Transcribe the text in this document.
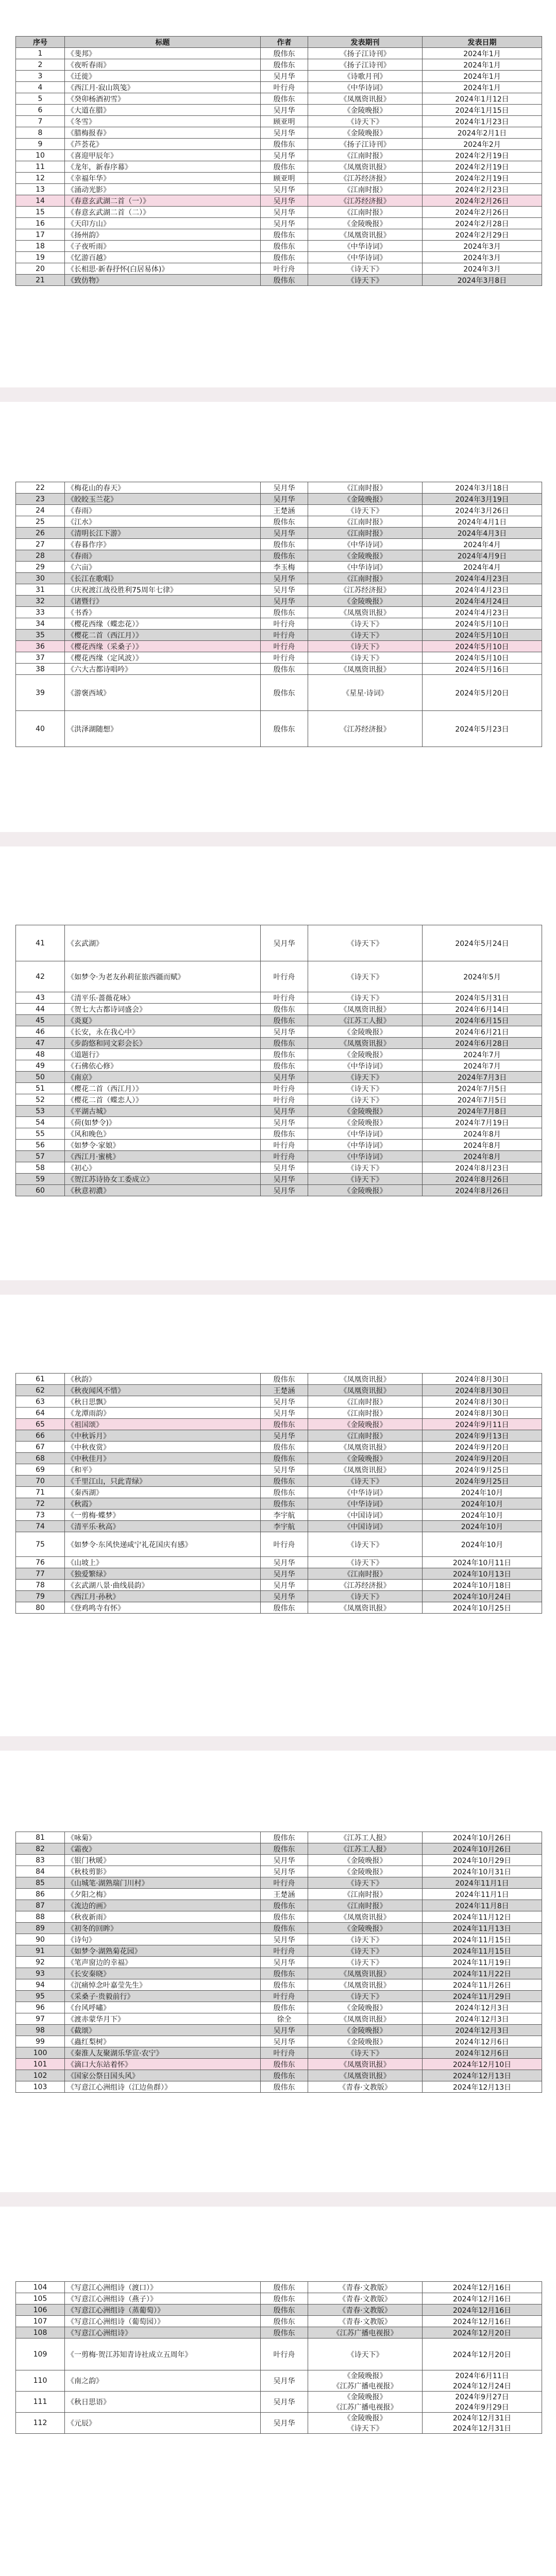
序号	标题	作者	发表期刊	发表日期
1	《斐邦》	殷伟东	《扬子江诗刊》	2024年1月
2	《夜听春雨》	殷伟东	《扬子江诗刊》	2024年1月
3	《迁徙》	吴月华	《诗歌月刊》	2024年1月
4	《西江月·寂山筑笺》	叶行舟	《中华诗词》	2024年1月
5	《癸卯杨酒初雪》	殷伟东	《凤凰资讯报》	2024年1月12日
6	《大道在腊》	吴月华	《金陵晚报》	2024年1月15日
7	《冬雪》	顾亚明	《诗天下》	2024年1月23日
8	《腊梅报春》	吴月华	《金陵晚报》	2024年2月1日
9	《芦荟花》	殷伟东	《扬子江诗刊》	2024年2月
10	《喜迎甲辰年》	吴月华	《江南时报》	2024年2月19日
11	《龙年，新春序幕》	殷伟东	《凤凰资讯报》	2024年2月19日
12	《幸福年华》	顾亚明	《江苏经济报》	2024年2月19日
13	《涌动光影》	吴月华	《江南时报》	2024年2月23日
14	《春意玄武湖二首（一）》	吴月华	《江苏经济报》	2024年2月26日
15	《春意玄武湖二首（二）》	吴月华	《江南时报》	2024年2月26日
16	《天印方山》	吴月华	《金陵晚报》	2024年2月28日
17	《扬州韵》	殷伟东	《凤凰资讯报》	2024年2月29日
18	《子夜听雨》	殷伟东	《中华诗词》	2024年3月
19	《忆游百越》	殷伟东	《中华诗词》	2024年3月
20	《长相思·新春抒怀(白居易体)》	叶行舟	《诗天下》	2024年3月
21	《致仿物》	殷伟东	《诗天下》	2024年3月8日
22	《梅花山的春天》	吴月华	《江南时报》	2024年3月18日
23	《皎皎玉兰花》	吴月华	《金陵晚报》	2024年3月19日
24	《春雨》	王楚涵	《诗天下》	2024年3月26日
25	《江水》	殷伟东	《江南时报》	2024年4月1日
26	《清明长江下游》	吴月华	《江南时报》	2024年4月3日
27	《春暮作序》	殷伟东	《中华诗词》	2024年4月
28	《春雨》	殷伟东	《金陵晚报》	2024年4月9日
29	《六亩》	李玉梅	《中华诗词》	2024年4月
30	《长江在歌唱》	吴月华	《江南时报》	2024年4月23日
31	《庆祝渡江战役胜利75周年七律》	吴月华	《江苏经济报》	2024年4月23日
32	《诸暨行》	吴月华	《金陵晚报》	2024年4月24日
33	《书香》	殷伟东	《凤凰资讯报》	2024年4月23日
34	《樱花西缘（蝶恋花）》	叶行舟	《诗天下》	2024年5月10日
35	《樱花二首（西江月）》	叶行舟	《诗天下》	2024年5月10日
36	《樱花西缘（采桑子）》	叶行舟	《诗天下》	2024年5月10日
37	《樱花西缘（定风波）》	叶行舟	《诗天下》	2024年5月10日
38	《六大古都诗唱吟》	殷伟东	《凤凰资讯报》	2024年5月16日
39	《游褒西域》	殷伟东	《星星·诗词》	2024年5月20日
40	《洪泽湖随想》	殷伟东	《江苏经济报》	2024年5月23日
41	《玄武湖》	吴月华	《诗天下》	2024年5月24日
42	《如梦令·为老友孙莉征旅西疆而赋》	叶行舟	《诗天下》	2024年5月
43	《清平乐·蔷薇花咏》	叶行舟	《诗天下》	2024年5月31日
44	《贺七大古都诗词盛会》	殷伟东	《凤凰资讯报》	2024年6月14日
45	《炎夏》	殷伟东	《江苏工人报》	2024年6月15日
46	《长安，永在我心中》	吴月华	《金陵晚报》	2024年6月21日
47	《步韵悠和同文彩会长》	殷伟东	《凤凰资讯报》	2024年6月28日
48	《道题行》	殷伟东	《金陵晚报》	2024年7月
49	《石佛依心修》	殷伟东	《中华诗词》	2024年7月
50	《南京》	吴月华	《诗天下》	2024年7月3日
51	《樱花二首（西江月）》	叶行舟	《诗天下》	2024年7月5日
52	《樱花二首（蝶恋人）》	叶行舟	《诗天下》	2024年7月5日
53	《平湖古城》	吴月华	《金陵晚报》	2024年7月8日
54	《荷(如梦令)》	吴月华	《金陵晚报》	2024年7月19日
55	《风和晚色》	殷伟东	《中华诗词》	2024年8月
56	《如梦令·家娘》	叶行舟	《中华诗词》	2024年8月
57	《西江月·蜜桃》	叶行舟	《中华诗词》	2024年8月
58	《初心》	吴月华	《诗天下》	2024年8月23日
59	《贺江苏诗协女工委成立》	吴月华	《诗天下》	2024年8月26日
60	《秋意初濃》	吴月华	《金陵晚报》	2024年8月26日
61	《秋韵》	殷伟东	《凤凰资讯报》	2024年8月30日
62	《秋夜闻风不惜》	王楚涵	《凤凰资讯报》	2024年8月30日
63	《秋日思飘》	吴月华	《江南时报》	2024年8月30日
64	《龙潭雨韵》	吴月华	《江南时报》	2024年8月30日
65	《祖国颂》	殷伟东	《金陵晚报》	2024年9月11日
66	《中秋诉月》	吴月华	《江南时报》	2024年9月13日
67	《中秋夜赏》	殷伟东	《凤凰资讯报》	2024年9月20日
68	《中秋佳月》	殷伟东	《金陵晚报》	2024年9月20日
69	《和平》	吴月华	《凤凰资讯报》	2024年9月25日
70	《千里江山，只此青绿》	殷伟东	《诗天下》	2024年9月25日
71	《秦西湖》	殷伟东	《中华诗词》	2024年10月
72	《秋霞》	殷伟东	《中华诗词》	2024年10月
73	《一剪梅·蝶梦》	李宇航	《中国诗词》	2024年10月
74	《清平乐·秋高》	李宇航	《中国诗词》	2024年10月
75	《如梦令·东风快递咸宁礼花国庆有感》	叶行舟	《诗天下》	2024年10月
76	《山坡上》	吴月华	《诗天下》	2024年10月11日
77	《独爱繁绿》	吴月华	《江南时报》	2024年10月13日
78	《玄武湖八景·曲线晨韵》	吴月华	《江苏经济报》	2024年10月18日
79	《西江月·孙秋》	吴月华	《诗天下》	2024年10月24日
80	《登鸡鸣寺有怀》	殷伟东	《凤凰资讯报》	2024年10月25日
81	《咏菊》	殷伟东	《江苏工人报》	2024年10月26日
82	《霜夜》	殷伟东	《江苏工人报》	2024年10月26日
83	《银门秋暖》	吴月华	《金陵晚报》	2024年10月29日
84	《秋枝剪影》	吴月华	《金陵晚报》	2024年10月31日
85	《山城笔·湖熟瑞门川村》	叶行舟	《诗天下》	2024年11月1日
86	《夕阳之梅》	王楚涵	《江南时报》	2024年11月1日
87	《流边的画》	殷伟东	《江南时报》	2024年11月8日
88	《秋夜新雨》	殷伟东	《凤凰资讯报》	2024年11月12日
89	《初冬的回眸》	殷伟东	《金陵晚报》	2024年11月13日
90	《诗句》	吴月华	《诗天下》	2024年11月15日
91	《如梦令·湖熟菊花园》	叶行舟	《诗天下》	2024年11月15日
92	《笔声窗边的幸福》	吴月华	《诗天下》	2024年11月19日
93	《长安秦晓》	殷伟东	《凤凰资讯报》	2024年11月22日
94	《沉痛悼念叶嘉莹先生》	殷伟东	《凤凰资讯报》	2024年11月26日
95	《采桑子·贵毅前行》	叶行舟	《诗天下》	2024年11月29日
96	《台风呼嘯》	殷伟东	《金陵晚报》	2024年12月3日
97	《渡赤蒙华月下》	徐全	《凤凰资讯报》	2024年12月3日
98	《截颂》	吴月华	《金陵晚报》	2024年12月3日
99	《蟲红梨树》	吴月华	《金陵晚报》	2024年12月6日
100	《秦淮人友聚湖乐华宣·农宁》	叶行舟	《诗天下》	2024年12月6日
101	《滴口大东站着怀》	殷伟东	《凤凰资讯报》	2024年12月10日
102	《国家公祭日国头风》	殷伟东	《凤凰资讯报》	2024年12月13日
103	《写意江心洲组诗（江边鱼群）》	殷伟东	《青春·文教版》	2024年12月13日
104	《写意江心洲组诗（渡口）》	殷伟东	《青春·文教版》	2024年12月16日
105	《写意江心洲组诗（燕子）》	殷伟东	《青春·文教版》	2024年12月16日
106	《写意江心洲组诗（蒸葡萄）》	殷伟东	《青春·文教版》	2024年12月16日
107	《写意江心洲组诗（葡萄园）》	殷伟东	《青春·文教版》	2024年12月16日
108	《写意江心洲组诗》	殷伟东	《江苏广播电视报》	2024年12月20日
109	《一剪梅·贺江苏知青诗社成立五周年》	叶行舟	《诗天下》	2024年12月20日
110	《南之韵》	吴月华	《金陵晚报》	2024年6月11日
			《江苏广播电视报》	2024年12月24日
111	《秋日思语》	吴月华	《金陵晚报》	2024年9月27日
			《江苏广播电视报》	2024年9月29日
112	《元辰》	吴月华	《金陵晚报》	2024年12月31日
			《诗天下》	2024年12月31日
